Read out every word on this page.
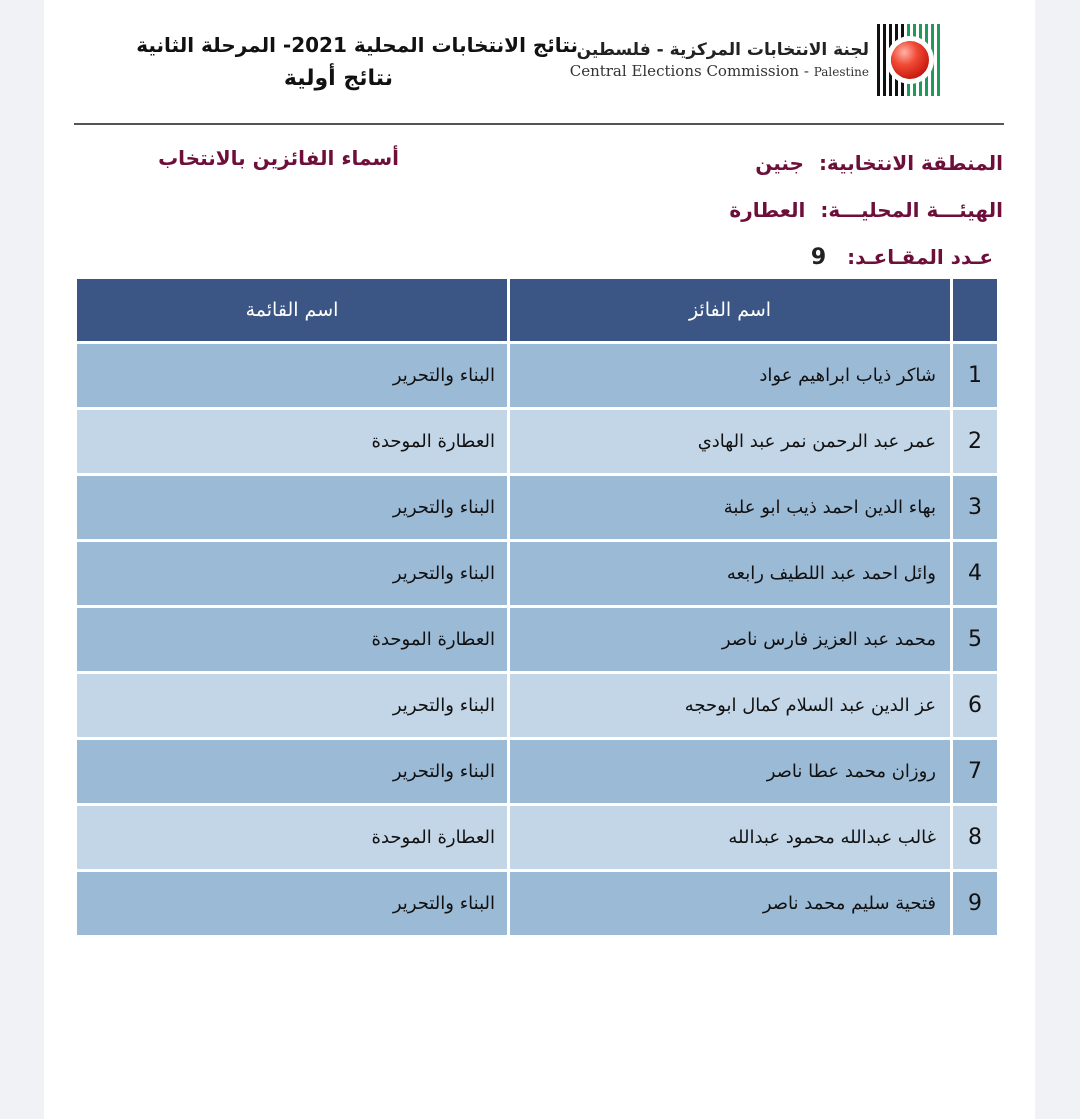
لجنة الانتخابات المركزية - فلسطين
Central Elections Commission - Palestine
نتائج الانتخابات المحلية 2021- المرحلة الثانية
نتائج أولية
المنطقة الانتخابية: جنين
الهيئـــة المحليـــة: العطارة
عـدد المقـاعـد: 9
أسماء الفائزين بالانتخاب
	اسم الفائز	اسم القائمة
1	شاكر ذياب ابراهيم عواد	البناء والتحرير
2	عمر عبد الرحمن نمر عبد الهادي	العطارة الموحدة
3	بهاء الدين احمد ذيب ابو علبة	البناء والتحرير
4	وائل احمد عبد اللطيف رابعه	البناء والتحرير
5	محمد عبد العزيز فارس ناصر	العطارة الموحدة
6	عز الدين عبد السلام كمال ابوحجه	البناء والتحرير
7	روزان محمد عطا ناصر	البناء والتحرير
8	غالب عبدالله محمود عبدالله	العطارة الموحدة
9	فتحية سليم محمد ناصر	البناء والتحرير
